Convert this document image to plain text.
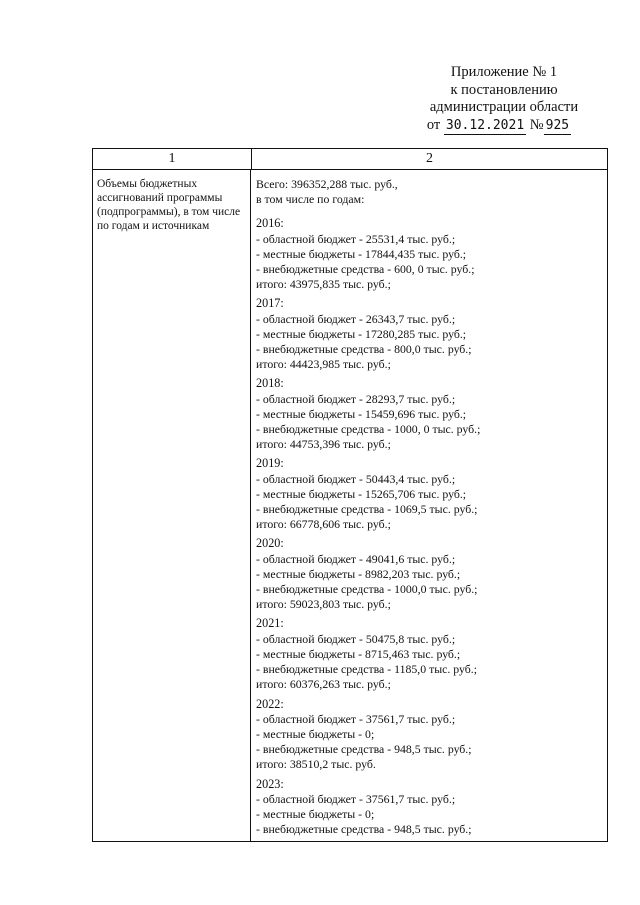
Приложение № 1
к постановлению
администрации области
от 30.12.2021 № 925
1	2
Объемы бюджетных ассигнований программы (подпрограммы), в том числе по годам и источникам
Всего: 396352,288 тыс. руб.,
в том числе по годам:
2016:
- областной бюджет - 25531,4 тыс. руб.;
- местные бюджеты - 17844,435 тыс. руб.;
- внебюджетные средства - 600, 0 тыс. руб.;
итого: 43975,835 тыс. руб.;
2017:
- областной бюджет - 26343,7 тыс. руб.;
- местные бюджеты - 17280,285 тыс. руб.;
- внебюджетные средства - 800,0 тыс. руб.;
итого: 44423,985 тыс. руб.;
2018:
- областной бюджет - 28293,7 тыс. руб.;
- местные бюджеты - 15459,696 тыс. руб.;
- внебюджетные средства - 1000, 0 тыс. руб.;
итого: 44753,396 тыс. руб.;
2019:
- областной бюджет - 50443,4 тыс. руб.;
- местные бюджеты - 15265,706 тыс. руб.;
- внебюджетные средства - 1069,5 тыс. руб.;
итого: 66778,606 тыс. руб.;
2020:
- областной бюджет - 49041,6 тыс. руб.;
- местные бюджеты - 8982,203 тыс. руб.;
- внебюджетные средства - 1000,0 тыс. руб.;
итого: 59023,803 тыс. руб.;
2021:
- областной бюджет - 50475,8 тыс. руб.;
- местные бюджеты - 8715,463 тыс. руб.;
- внебюджетные средства - 1185,0 тыс. руб.;
итого: 60376,263 тыс. руб.;
2022:
- областной бюджет - 37561,7 тыс. руб.;
- местные бюджеты - 0;
- внебюджетные средства - 948,5 тыс. руб.;
итого: 38510,2 тыс. руб.
2023:
- областной бюджет - 37561,7 тыс. руб.;
- местные бюджеты - 0;
- внебюджетные средства - 948,5 тыс. руб.;
